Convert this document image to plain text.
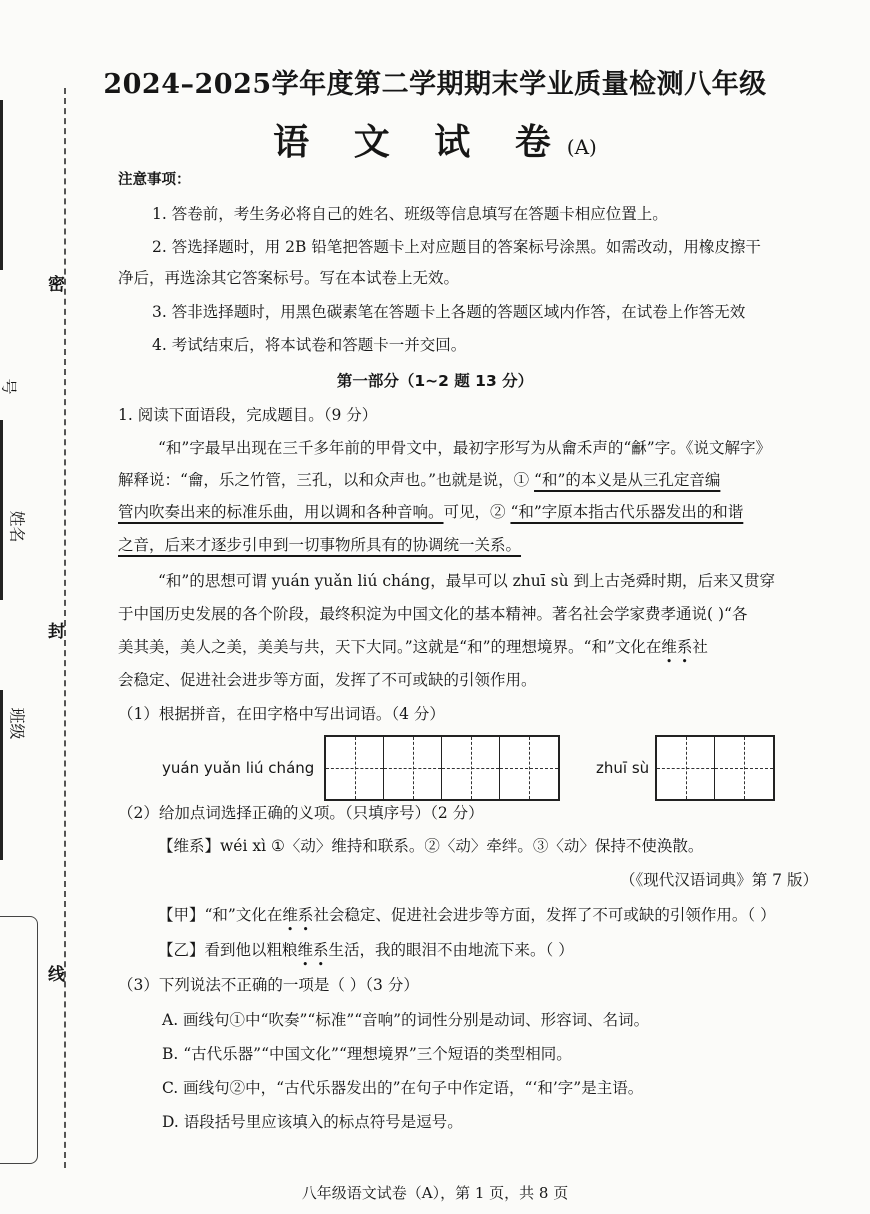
号
姓名
班级
密
封
线
2024–2025学年度第二学期期末学业质量检测八年级
语 文 试 卷(A)
注意事项：
1. 答卷前，考生务必将自己的姓名、班级等信息填写在答题卡相应位置上。
2. 答选择题时，用 2B 铅笔把答题卡上对应题目的答案标号涂黑。如需改动，用橡皮擦干
净后，再选涂其它答案标号。写在本试卷上无效。
3. 答非选择题时，用黑色碳素笔在答题卡上各题的答题区域内作答，在试卷上作答无效
4. 考试结束后，将本试卷和答题卡一并交回。
第一部分（1~2 题 13 分）
1. 阅读下面语段，完成题目。（9 分）
“和”字最早出现在三千多年前的甲骨文中，最初字形写为从龠禾声的“龢”字。《说文解字》
解释说：“龠，乐之竹管，三孔，以和众声也。”也就是说，① “和”的本义是从三孔定音编
管内吹奏出来的标准乐曲，用以调和各种音响。可见，② “和”字原本指古代乐器发出的和谐
之音，后来才逐步引申到一切事物所具有的协调统一关系。
“和”的思想可谓 yuán yuǎn liú cháng，最早可以 zhuī sù 到上古尧舜时期，后来又贯穿
于中国历史发展的各个阶段，最终积淀为中国文化的基本精神。著名社会学家费孝通说( )“各
美其美，美人之美，美美与共，天下大同。”这就是“和”的理想境界。“和”文化在维系社
会稳定、促进社会进步等方面，发挥了不可或缺的引领作用。
（1）根据拼音，在田字格中写出词语。（4 分）
yuán yuǎn liú cháng	zhuī sù
（2）给加点词选择正确的义项。（只填序号）（2 分）
【维系】wéi xì ①〈动〉维持和联系。②〈动〉牵绊。③〈动〉保持不使涣散。
（《现代汉语词典》第 7 版）
【甲】“和”文化在维系社会稳定、促进社会进步等方面，发挥了不可或缺的引领作用。（ ）
【乙】看到他以粗粮维系生活，我的眼泪不由地流下来。（ ）
（3）下列说法不正确的一项是（ ）（3 分）
A. 画线句①中“吹奏”“标准”“音响”的词性分别是动词、形容词、名词。
B. “古代乐器”“中国文化”“理想境界”三个短语的类型相同。
C. 画线句②中，“古代乐器发出的”在句子中作定语，“‘和’字”是主语。
D. 语段括号里应该填入的标点符号是逗号。
八年级语文试卷（A），第 1 页，共 8 页
